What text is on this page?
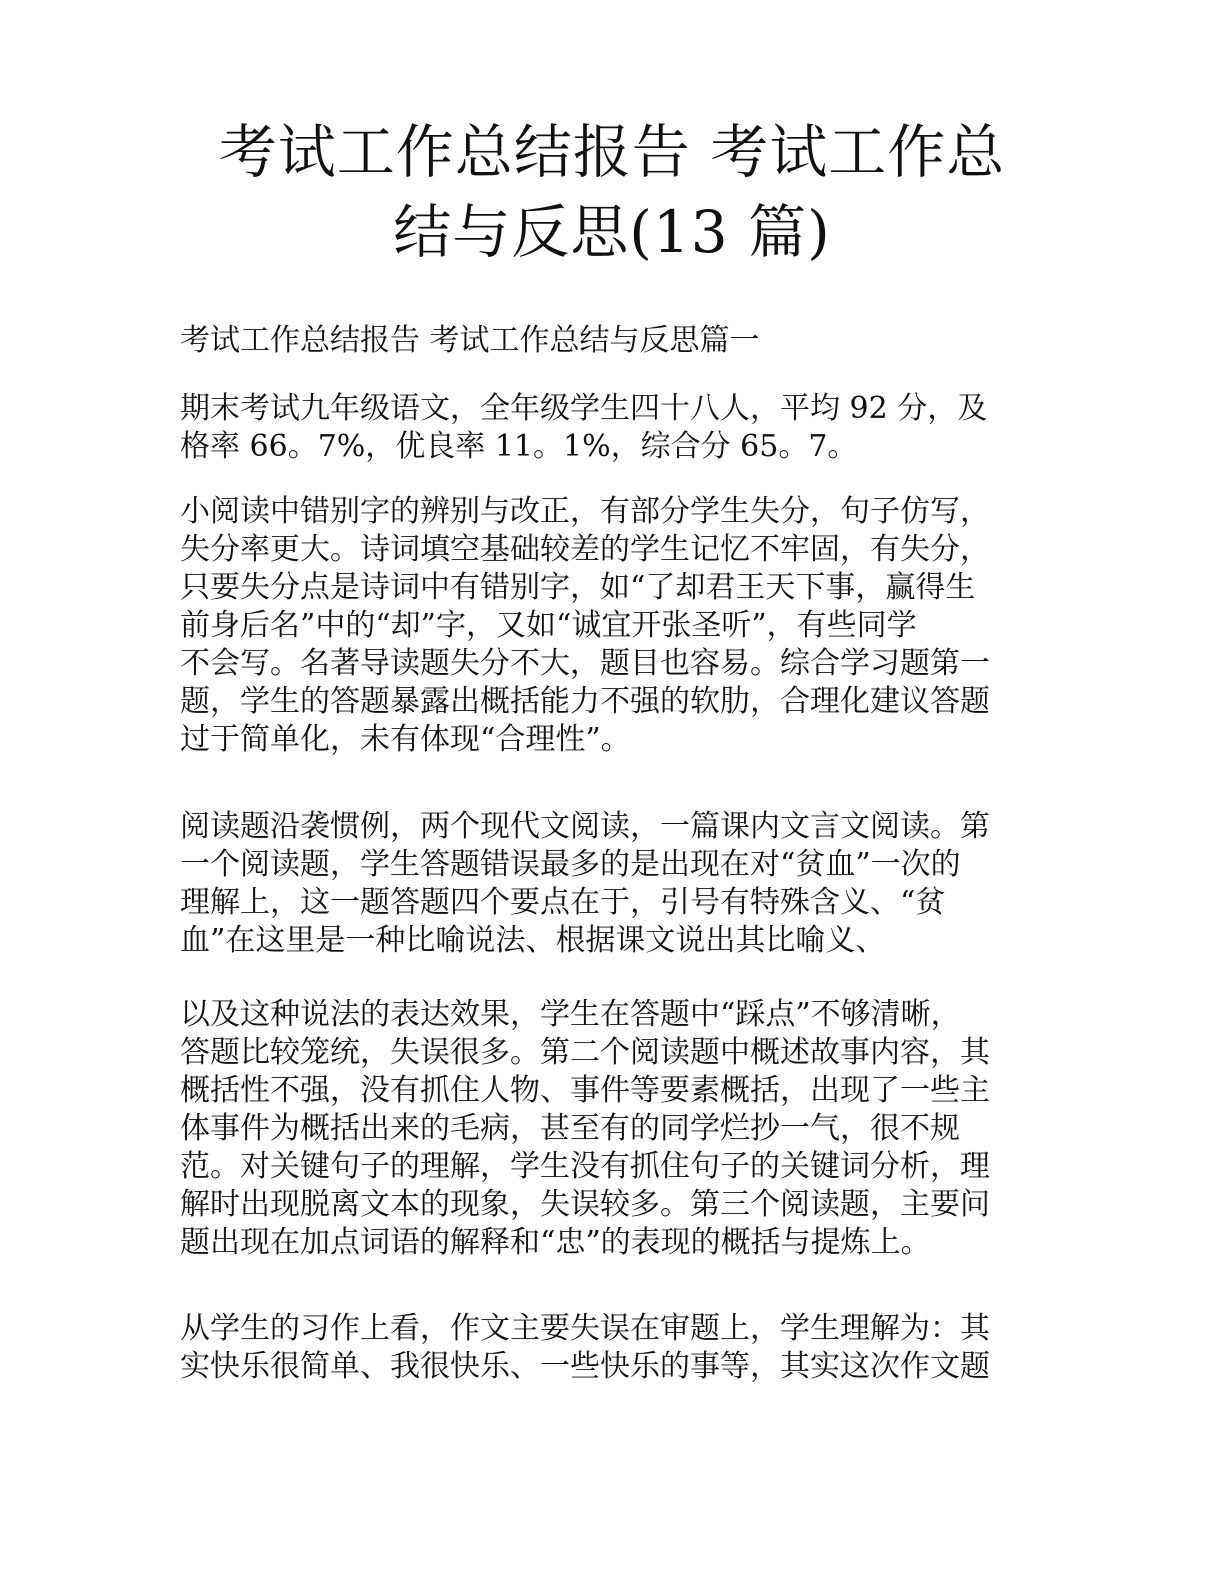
考试工作总结报告 考试工作总
结与反思(13 篇)
考试工作总结报告 考试工作总结与反思篇一

期末考试九年级语文，全年级学生四十八人，平均 92 分，及
格率 66。7%，优良率 11。1%，综合分 65。7。

小阅读中错别字的辨别与改正，有部分学生失分，句子仿写，
失分率更大。诗词填空基础较差的学生记忆不牢固，有失分，
只要失分点是诗词中有错别字，如“了却君王天下事，赢得生
前身后名”中的“却”字，又如“诚宜开张圣听”，有些同学
不会写。名著导读题失分不大，题目也容易。综合学习题第一
题，学生的答题暴露出概括能力不强的软肋，合理化建议答题
过于简单化，未有体现“合理性”。

阅读题沿袭惯例，两个现代文阅读，一篇课内文言文阅读。第
一个阅读题，学生答题错误最多的是出现在对“贫血”一次的
理解上，这一题答题四个要点在于，引号有特殊含义、“贫
血”在这里是一种比喻说法、根据课文说出其比喻义、

以及这种说法的表达效果，学生在答题中“踩点”不够清晰，
答题比较笼统，失误很多。第二个阅读题中概述故事内容，其
概括性不强，没有抓住人物、事件等要素概括，出现了一些主
体事件为概括出来的毛病，甚至有的同学烂抄一气，很不规
范。对关键句子的理解，学生没有抓住句子的关键词分析，理
解时出现脱离文本的现象，失误较多。第三个阅读题，主要问
题出现在加点词语的解释和“忠”的表现的概括与提炼上。

从学生的习作上看，作文主要失误在审题上，学生理解为：其
实快乐很简单、我很快乐、一些快乐的事等，其实这次作文题
